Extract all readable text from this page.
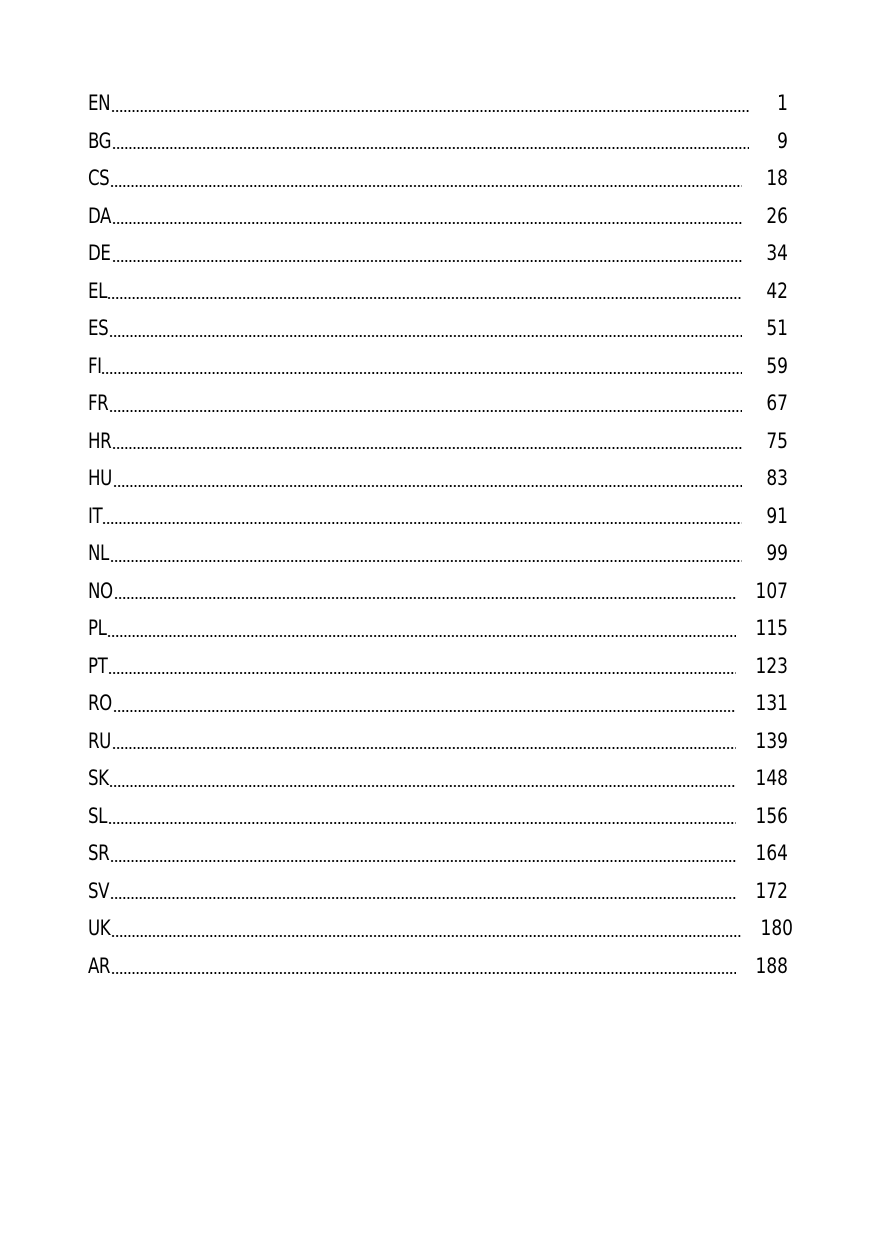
EN	1
BG	9
CS	18
DA	26
DE	34
EL	42
ES	51
FI	59
FR	67
HR	75
HU	83
IT	91
NL	99
NO	107
PL	115
PT	123
RO	131
RU	139
SK	148
SL	156
SR	164
SV	172
UK	180
AR	188
